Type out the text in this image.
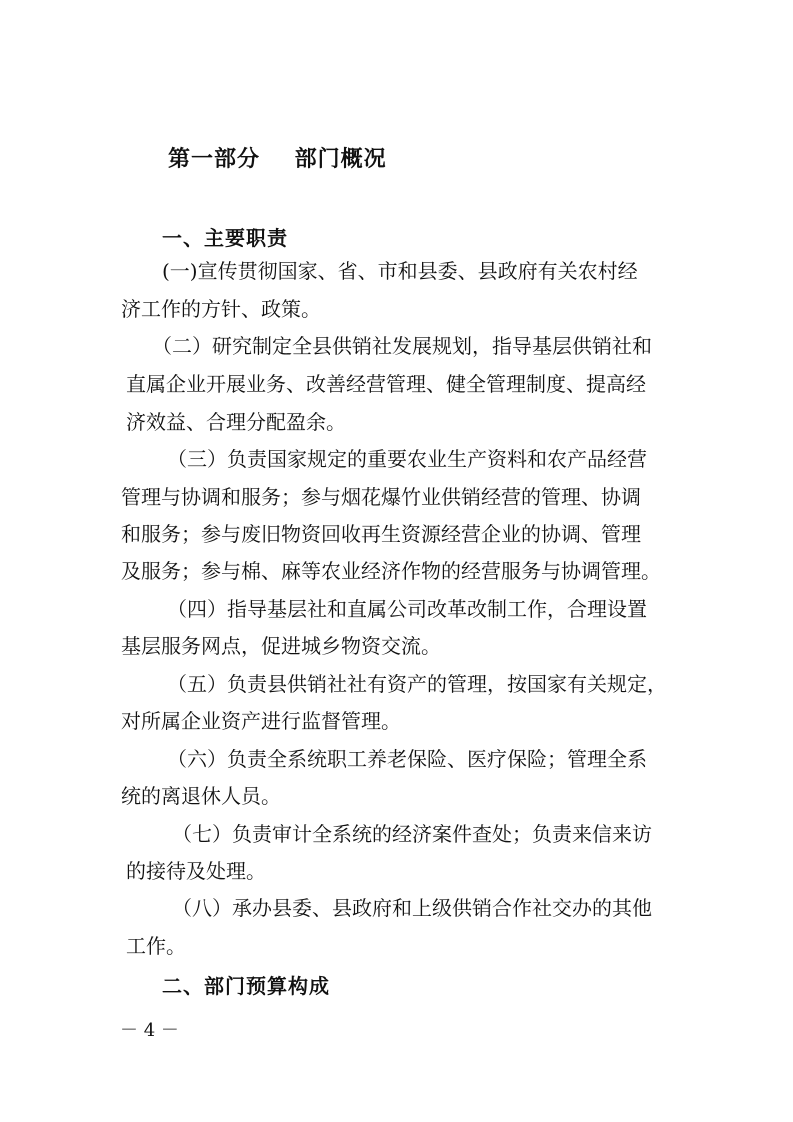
第一部分    部门概况
一、主要职责
(一)宣传贯彻国家、省、市和县委、县政府有关农村经
济工作的方针、政策。
（二）研究制定全县供销社发展规划，指导基层供销社和
直属企业开展业务、改善经营管理、健全管理制度、提高经
济效益、合理分配盈余。
（三）负责国家规定的重要农业生产资料和农产品经营
管理与协调和服务；参与烟花爆竹业供销经营的管理、协调
和服务；参与废旧物资回收再生资源经营企业的协调、管理
及服务；参与棉、麻等农业经济作物的经营服务与协调管理。
（四）指导基层社和直属公司改革改制工作，合理设置
基层服务网点，促进城乡物资交流。
（五）负责县供销社社有资产的管理，按国家有关规定，
对所属企业资产进行监督管理。
（六）负责全系统职工养老保险、医疗保险；管理全系
统的离退休人员。
（七）负责审计全系统的经济案件查处；负责来信来访
的接待及处理。
（八）承办县委、县政府和上级供销合作社交办的其他
工作。
二、部门预算构成
－ 4 －
